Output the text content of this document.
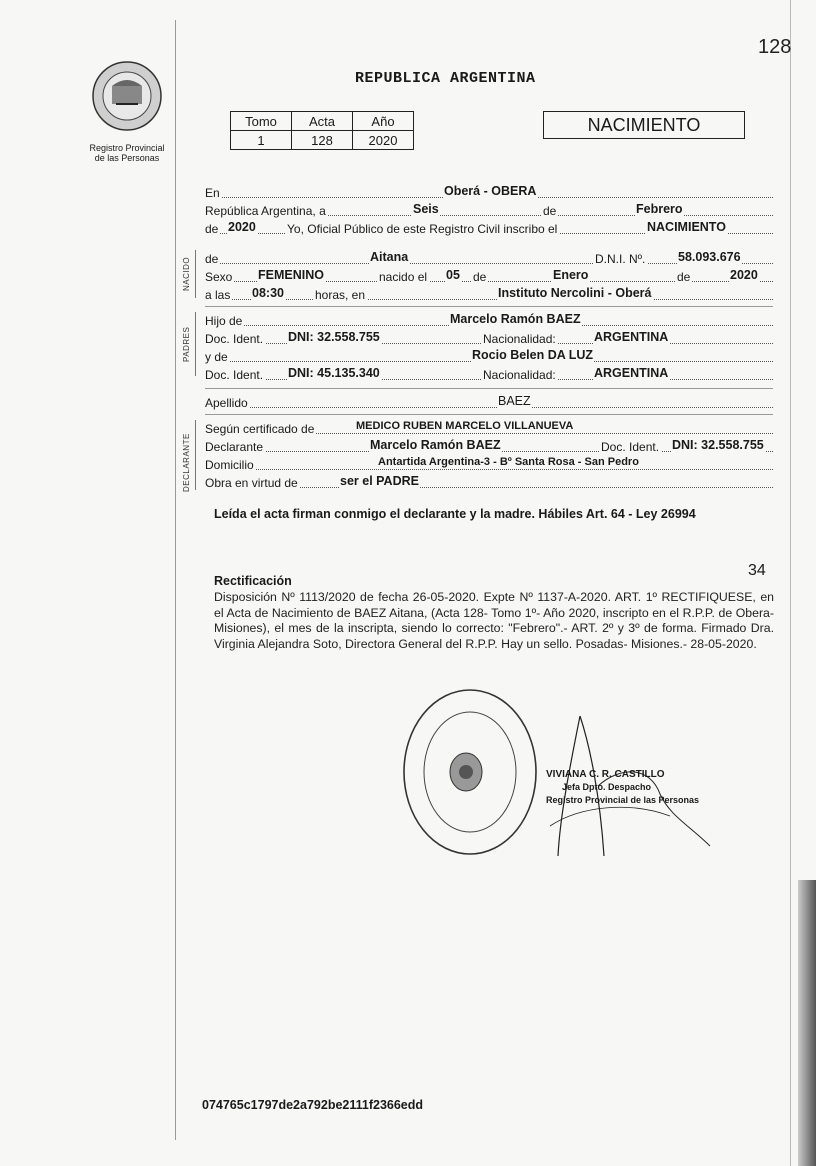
128
Registro Provincial
de las Personas
REPUBLICA ARGENTINA
Tomo	Acta	Año
1	128	2020
NACIMIENTO
NACIDO
PADRES
DECLARANTE
En	Oberá - OBERA
República Argentina, a	Seis	de	Febrero
de 2020	Yo, Oficial Público de este Registro Civil inscribo el	NACIMIENTO
de	Aitana	D.N.I. Nº.	58.093.676
Sexo FEMENINO	nacido el 05 de	Enero	de	2020
a las 08:30	horas, en	Instituto Nercolini - Oberá
Hijo de	Marcelo Ramón BAEZ
Doc. Ident. DNI: 32.558.755	Nacionalidad:	ARGENTINA
y de	Rocio Belen DA LUZ
Doc. Ident. DNI: 45.135.340	Nacionalidad:	ARGENTINA
Apellido	BAEZ
Según certificado de	MEDICO RUBEN MARCELO VILLANUEVA
Declarante	Marcelo Ramón BAEZ	Doc. Ident. DNI: 32.558.755
Domicilio	Antartida Argentina-3 - Bº Santa Rosa - San Pedro
Obra en virtud de	ser el PADRE
Leída el acta firman conmigo el declarante y la madre. Hábiles Art. 64 - Ley 26994
34
Rectificación
Disposición Nº 1113/2020 de fecha 26-05-2020. Expte Nº 1137-A-2020. ART. 1º RECTIFIQUESE, en el Acta de Nacimiento de BAEZ Aitana, (Acta 128- Tomo 1º- Año 2020, inscripto en el R.P.P. de Obera-Misiones), el mes de la inscripta, siendo lo correcto: "Febrero".- ART. 2º y 3º de forma. Firmado Dra. Virginia Alejandra Soto, Directora General del R.P.P. Hay un sello. Posadas- Misiones.- 28-05-2020.
VIVIANA C. R. CASTILLO
Jefa Dpto. Despacho
Registro Provincial de las Personas
074765c1797de2a792be2111f2366edd
